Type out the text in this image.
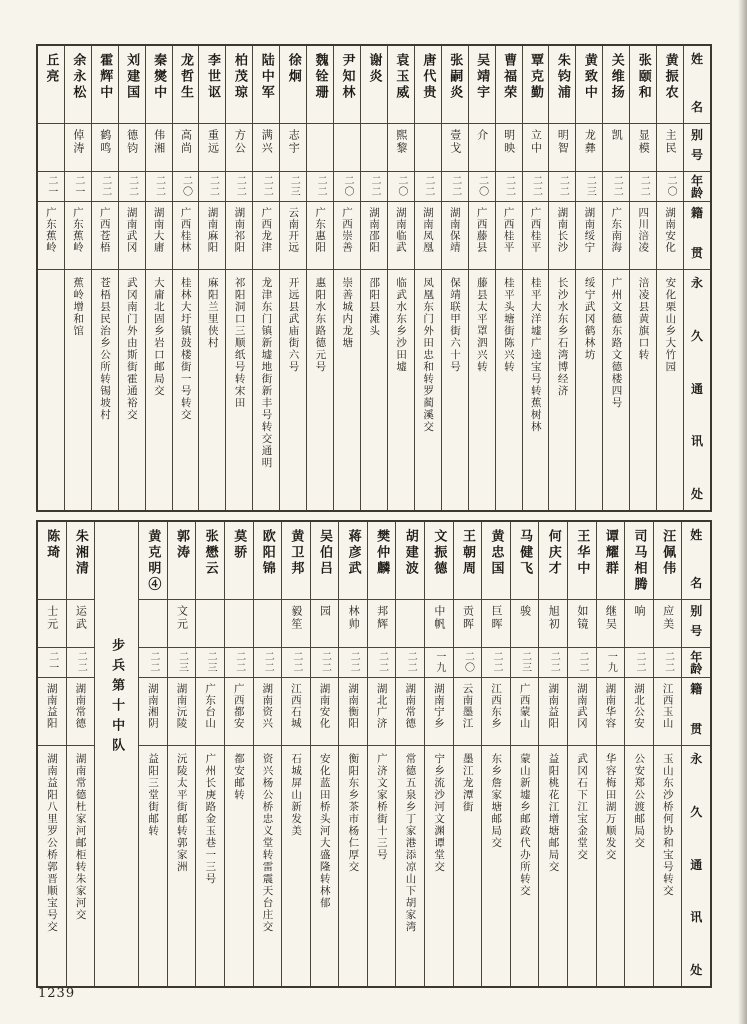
姓
名
别
号
年
龄
籍
贯
永
久
通
讯
处
黄振农
主民
二〇
湖南安化
安化栗山乡大竹园
张颐和
显模
二二
四川涪凌
涪凌县黄旗口转
关维扬
凯
二二
广东南海
广州文德东路文德楼四号
黄致中
龙彝
二三
湖南绥宁
绥宁武冈鹤林坊
朱钧浦
明智
二二
湖南长沙
长沙水东乡石湾博经济
覃克勤
立中
二二
广西桂平
桂平大洋墟广逵宝号转蕉树林
曹福荣
明映
二二
广西桂平
桂平头塘街陈兴转
吴靖宇
介
二〇
广西藤县
藤县太平罩泗兴转
张嗣炎
壹戈
二二
湖南保靖
保靖联甲街六十号
唐代贵
二二
湖南凤凰
凤凰东门外田忠和转罗蔺溪交
袁玉威
熙黎
二〇
湖南临武
临武水东乡沙田墟
谢炎
二二
湖南邵阳
邵阳县滩头
尹知林
二〇
广西崇善
崇善城内龙塘
魏铨珊
二二
广东惠阳
惠阳水东路德元号
徐炯
志宇
二三
云南开远
开远县武庙街六号
陆中军
满兴
二二
广西龙津
龙津东门镇新墟地街新丰号转交通明
柏茂琼
方公
二二
湖南祁阳
祁阳洞口三顺纸号转宋田
李世讴
重远
二二
湖南麻阳
麻阳兰里侠村
龙哲生
高尚
二〇
广西桂林
桂林大圩镇鼓楼街一号转交
秦爕中
伟湘
二二
湖南大庸
大庸北固乡岩口邮局交
刘建国
德钧
二二
湖南武冈
武冈南门外由斯街霍通裕交
霍辉中
鹤鸣
二二
广西苍梧
苍梧县民治乡公所转锡坡村
余永松
倬涛
二一
广东蕉岭
蕉岭增和馆
丘亮
二一
广东蕉岭
姓
名
别
号
年
龄
籍
贯
永
久
通
讯
处
汪佩伟
应美
二二
江西玉山
玉山东沙桥何协和宝号转交
司马相腾
响
二二
湖北公安
公安郑公渡邮局交
谭耀群
继吴
一九
湖南华容
华容梅田湖万顺发交
王华中
如镜
二二
湖南武冈
武冈石下江宝金堂交
何庆才
旭初
二二
湖南益阳
益阳桃花江增塘邮局交
马健飞
骏
二三
广西蒙山
蒙山新墟乡邮政代办所转交
黄忠国
巨晖
二二
江西东乡
东乡詹家塘邮局交
王朝周
贡晖
二〇
云南墨江
墨江龙潭街
文振德
中帆
一九
湖南宁乡
宁乡流沙河文渊谭堂交
胡建波
二二
湖南常德
常德五泉乡丁家港添凉山下胡家湾
樊仲麟
邦辉
二二
湖北广济
广济文家桥街十三号
蒋彦武
林帅
二二
湖南衡阳
衡阳东乡茶市杨仁厚交
吴伯吕
园
二二
湖南安化
安化蓝田桥头河大盛隆转林郁
黄卫邦
毅笙
二二
江西石城
石城屏山新发美
欧阳锦
二二
湖南资兴
资兴杨公桥忠义堂转雷震天台庄交
莫骄
二二
广西都安
都安邮转
张懋云
二三
广东台山
广州长庚路金玉巷一三号
郭涛
文元
二三
湖南沅陵
沅陵太平街邮转郭家洲
黄克明④
二二
湖南湘阴
益阳三堂街邮转
步兵第十中队
朱湘清
运武
二二
湖南常德
湖南常德杜家河邮柜转朱家河交
陈琦
士元
二一
湖南益阳
湖南益阳八里罗公桥郭晋顺宝号交
1239
